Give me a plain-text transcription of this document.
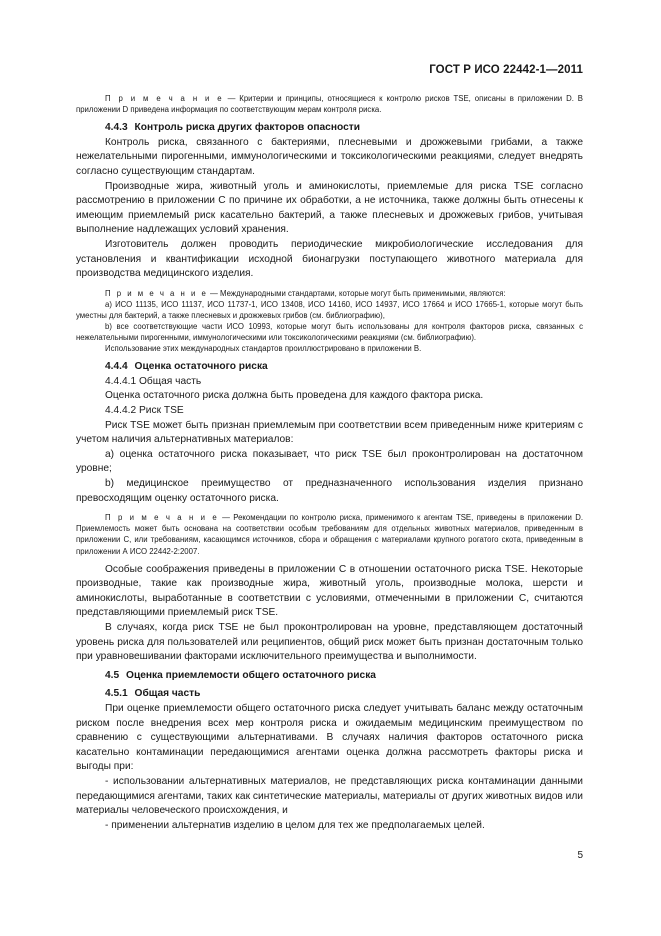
ГОСТ Р ИСО 22442-1—2011

П р и м е ч а н и е — Критерии и принципы, относящиеся к контролю рисков TSE, описаны в приложении D. В приложении D приведена информация по соответствующим мерам контроля риска.

4.4.3 Контроль риска других факторов опасности

Контроль риска, связанного с бактериями, плесневыми и дрожжевыми грибами, а также нежелательными пирогенными, иммунологическими и токсикологическими реакциями, следует внедрять согласно существующим стандартам.

Производные жира, животный уголь и аминокислоты, приемлемые для риска TSE согласно рассмотрению в приложении С по причине их обработки, а не источника, также должны быть отнесены к имеющим приемлемый риск касательно бактерий, а также плесневых и дрожжевых грибов, учитывая выполнение надлежащих условий хранения.

Изготовитель должен проводить периодические микробиологические исследования для установления и квантификации исходной бионагрузки поступающего животного материала для производства медицинского изделия.

П р и м е ч а н и е — Международными стандартами, которые могут быть применимыми, являются:

а) ИСО 11135, ИСО 11137, ИСО 11737-1, ИСО 13408, ИСО 14160, ИСО 14937, ИСО 17664 и ИСО 17665-1, которые могут быть уместны для бактерий, а также плесневых и дрожжевых грибов (см. библиографию),

b) все соответствующие части ИСО 10993, которые могут быть использованы для контроля факторов риска, связанных с нежелательными пирогенными, иммунологическими или токсикологическими реакциями (см. библиографию).

Использование этих международных стандартов проиллюстрировано в приложении В.

4.4.4 Оценка остаточного риска

4.4.4.1 Общая часть

Оценка остаточного риска должна быть проведена для каждого фактора риска.

4.4.4.2 Риск TSE

Риск TSE может быть признан приемлемым при соответствии всем приведенным ниже критериям с учетом наличия альтернативных материалов:

а) оценка остаточного риска показывает, что риск TSE был проконтролирован на достаточном уровне;

b) медицинское преимущество от предназначенного использования изделия признано превосходящим оценку остаточного риска.

П р и м е ч а н и е — Рекомендации по контролю риска, применимого к агентам TSE, приведены в приложении D. Приемлемость может быть основана на соответствии особым требованиям для отдельных животных материалов, приведенным в приложении С, или требованиям, касающимся источников, сбора и обращения с материалами крупного рогатого скота, приведенным в приложении А ИСО 22442-2:2007.

Особые соображения приведены в приложении С в отношении остаточного риска TSE. Некоторые производные, такие как производные жира, животный уголь, производные молока, шерсти и аминокислоты, выработанные в соответствии с условиями, отмеченными в приложении С, считаются представляющими приемлемый риск TSE.

В случаях, когда риск TSE не был проконтролирован на уровне, представляющем достаточный уровень риска для пользователей или реципиентов, общий риск может быть признан достаточным только при уравновешивании факторами исключительного преимущества и выполнимости.

4.5 Оценка приемлемости общего остаточного риска

4.5.1 Общая часть

При оценке приемлемости общего остаточного риска следует учитывать баланс между остаточным риском после внедрения всех мер контроля риска и ожидаемым медицинским преимуществом по сравнению с существующими альтернативами. В случаях наличия факторов остаточного риска касательно контаминации передающимися агентами оценка должна рассмотреть факторы риска и выгоды при:

- использовании альтернативных материалов, не представляющих риска контаминации данными передающимися агентами, таких как синтетические материалы, материалы от других животных видов или материалы человеческого происхождения, и

- применении альтернатив изделию в целом для тех же предполагаемых целей.

5
